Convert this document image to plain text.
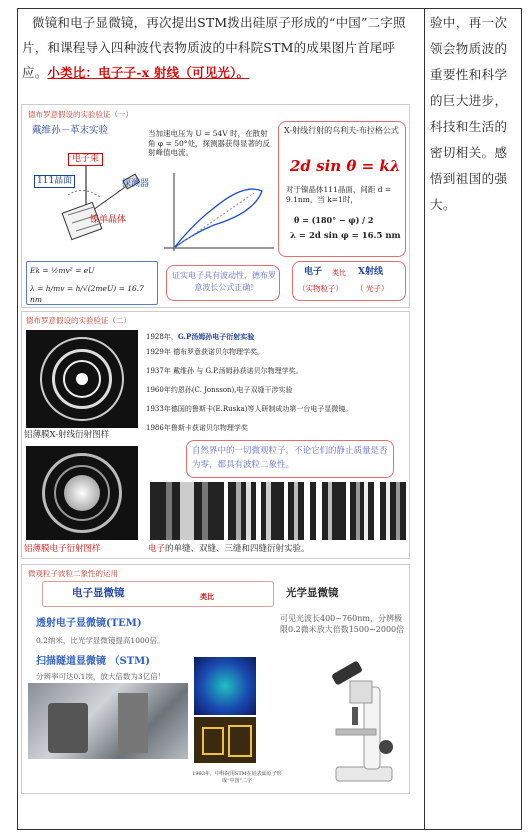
微镜和电子显微镜，再次提出STM拨出硅原子形成的“中国”二字照片，和课程导入四种波代表物质波的中科院STM的成果图片首尾呼应。小类比：电子子-x 射线（可见光）。
验中，再一次领会物质波的重要性和科学的巨大进步，科技和生活的密切相关。感悟到祖国的强大。
德布罗意假设的实验验证（一）
戴维孙－革末实验
电子束
探测器
111晶面
镍单晶体
当加速电压为 U = 54V 时，在散射角 φ = 50°处，探测器获得显著的反射峰值电流。
X-射线行射的乌利夫-布拉格公式
2d sin θ = kλ
对于镍晶体111晶面，间距 d = 9.1nm，当 k=1时，
θ = (180° − φ) / 2
λ = 2d sin φ = 16.5 nm
Ek = ½mv² = eU
λ = h/mv = h/√(2meU) = 16.7 nm
证实电子具有波动性，德布罗意波长公式正确!
电子 类比 X射线
（实物粒子） （ 光子）
德布罗意假设的实验验证（二）
铝薄膜X-射线衍射图样
铝薄膜电子衍射图样
1928年，G.P汤姆孙电子衍射实验
1929年 德布罗意获诺贝尔物理学奖。
1937年 戴维孙 与 G.P.汤姆孙获诺贝尔物理学奖。
1960年约恩孙(C. Jonsson),电子双缝干涉实验
1933年德国的鲁斯卡(E.Ruska)等人研制成功第一台电子显微镜。
1986年鲁斯卡获诺贝尔物理学奖
自然界中的一切微观粒子，不论它们的静止质量是否为零，都具有波粒二象性。
电子的单缝、双缝、三缝和四缝衍射实验。
微观粒子波粒二象性的运用
电子显微镜	类比	光学显微镜
透射电子显微镜(TEM)
0.2纳米，比光学显微镜提高1000倍。
扫描隧道显微镜 （STM)
分辨率可达0.1埃，放大倍数为3亿倍！
可见光波长400~760nm，分辨极限0.2微米放大倍数1500~2000倍
1993年，中科院用STM在硅表面原子形成“中国”二字
